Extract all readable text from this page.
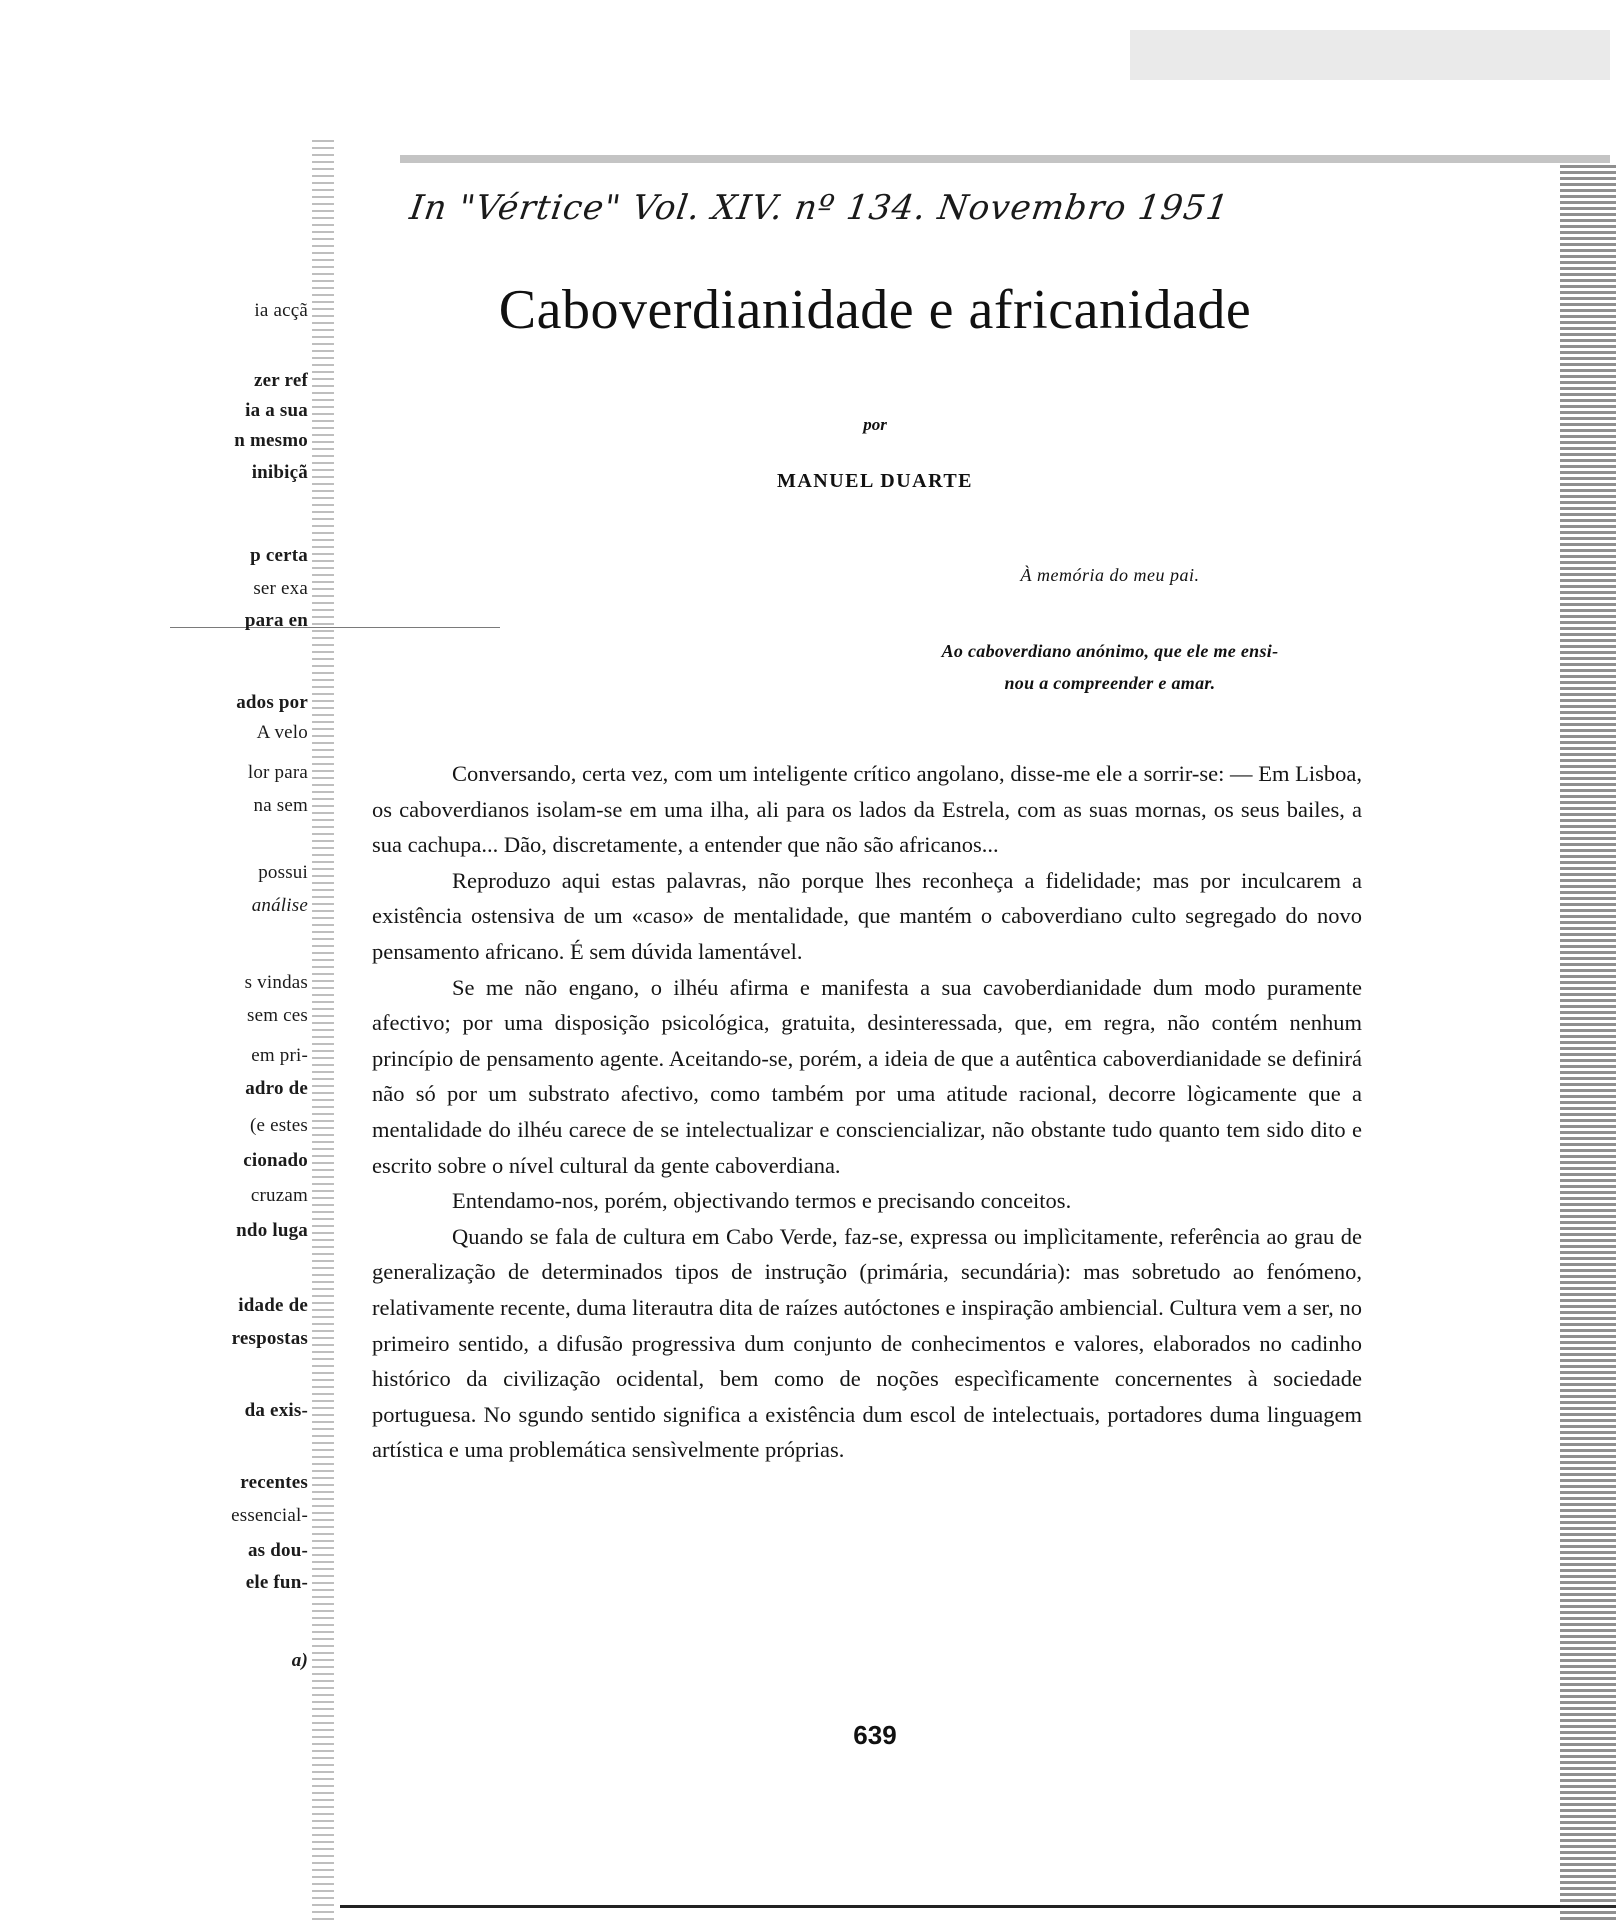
ia acçã
zer ref
ia a sua
n mesmo
inibiçã
p certa
ser exa
para en
ados por
A velo
lor para
na sem
possui
análise
s vindas
sem ces
em pri-
adro de
(e estes
cionado
cruzam
ndo luga
idade de
respostas
da exis-
recentes
essencial-
as dou-
ele fun-
a)
In "Vértice" Vol. XIV. nº 134. Novembro 1951
Caboverdianidade e africanidade
por
MANUEL DUARTE
À memória do meu pai.
Ao caboverdiano anónimo, que ele me ensi-
nou a compreender e amar.

Conversando, certa vez, com um inteligente crítico angolano, disse-me ele a sorrir-se: — Em Lisboa, os caboverdianos isolam-se em uma ilha, ali para os lados da Estrela, com as suas mornas, os seus bailes, a sua cachupa... Dão, discretamente, a entender que não são africanos...

Reproduzo aqui estas palavras, não porque lhes reconheça a fidelidade; mas por inculcarem a existência ostensiva de um «caso» de mentalidade, que mantém o caboverdiano culto segregado do novo pensamento africano. É sem dúvida lamentável.

Se me não engano, o ilhéu afirma e manifesta a sua cavoberdianidade dum modo puramente afectivo; por uma disposição psicológica, gratuita, desinteressada, que, em regra, não contém nenhum princípio de pensamento agente. Aceitando-se, porém, a ideia de que a autêntica caboverdianidade se definirá não só por um substrato afectivo, como também por uma atitude racional, decorre lògicamente que a mentalidade do ilhéu carece de se intelectualizar e consciencializar, não obstante tudo quanto tem sido dito e escrito sobre o nível cultural da gente caboverdiana.

Entendamo-nos, porém, objectivando termos e precisando conceitos.

Quando se fala de cultura em Cabo Verde, faz-se, expressa ou implìcitamente, referência ao grau de generalização de determinados tipos de instrução (primária, secundária): mas sobretudo ao fenómeno, relativamente recente, duma literautra dita de raízes autóctones e inspiração ambiencial. Cultura vem a ser, no primeiro sentido, a difusão progressiva dum conjunto de conhecimentos e valores, elaborados no cadinho histórico da civilização ocidental, bem como de noções especìficamente concernentes à sociedade portuguesa. No sgundo sentido significa a existência dum escol de intelectuais, portadores duma linguagem artística e uma problemática sensìvelmente próprias.

639
